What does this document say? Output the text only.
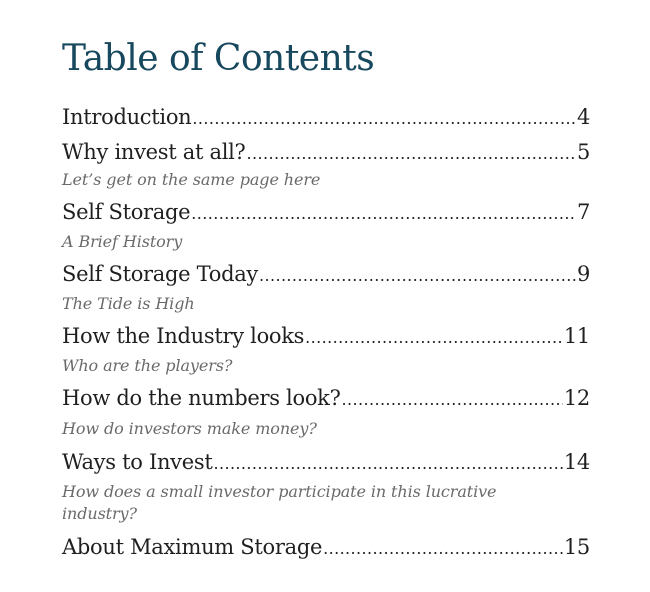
Table of Contents
Introduction .....	4
Why invest at all? .....	5
Let’s get on the same page here
Self Storage .....	7
A Brief History
Self Storage Today .....	9
The Tide is High
How the Industry looks .....	11
Who are the players?
How do the numbers look? .....	12
How do investors make money?
Ways to Invest .....	14
How does a small investor participate in this lucrative industry?
About Maximum Storage .....	15
